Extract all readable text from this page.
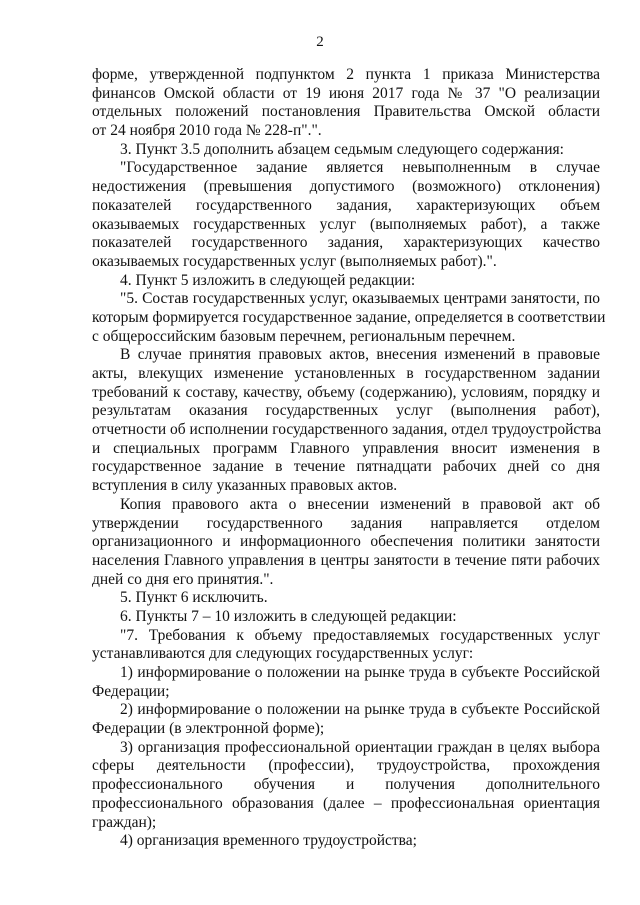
2
форме, утвержденной подпунктом 2 пункта 1 приказа Министерства
финансов Омской области от 19 июня 2017 года № 37 "О реализации
отдельных положений постановления Правительства Омской области
от 24 ноября 2010 года № 228-п".".
3. Пункт 3.5 дополнить абзацем седьмым следующего содержания:
"Государственное задание является невыполненным в случае
недостижения (превышения допустимого (возможного) отклонения)
показателей государственного задания, характеризующих объем
оказываемых государственных услуг (выполняемых работ), а также
показателей государственного задания, характеризующих качество
оказываемых государственных услуг (выполняемых работ).".
4. Пункт 5 изложить в следующей редакции:
"5. Состав государственных услуг, оказываемых центрами занятости, по
которым формируется государственное задание, определяется в соответствии
с общероссийским базовым перечнем, региональным перечнем.
В случае принятия правовых актов, внесения изменений в правовые
акты, влекущих изменение установленных в государственном задании
требований к составу, качеству, объему (содержанию), условиям, порядку и
результатам оказания государственных услуг (выполнения работ),
отчетности об исполнении государственного задания, отдел трудоустройства
и специальных программ Главного управления вносит изменения в
государственное задание в течение пятнадцати рабочих дней со дня
вступления в силу указанных правовых актов.
Копия правового акта о внесении изменений в правовой акт об
утверждении государственного задания направляется отделом
организационного и информационного обеспечения политики занятости
населения Главного управления в центры занятости в течение пяти рабочих
дней со дня его принятия.".
5. Пункт 6 исключить.
6. Пункты 7 – 10 изложить в следующей редакции:
"7. Требования к объему предоставляемых государственных услуг
устанавливаются для следующих государственных услуг:
1) информирование о положении на рынке труда в субъекте Российской
Федерации;
2) информирование о положении на рынке труда в субъекте Российской
Федерации (в электронной форме);
3) организация профессиональной ориентации граждан в целях выбора
сферы деятельности (профессии), трудоустройства, прохождения
профессионального обучения и получения дополнительного
профессионального образования (далее – профессиональная ориентация
граждан);
4) организация временного трудоустройства;
